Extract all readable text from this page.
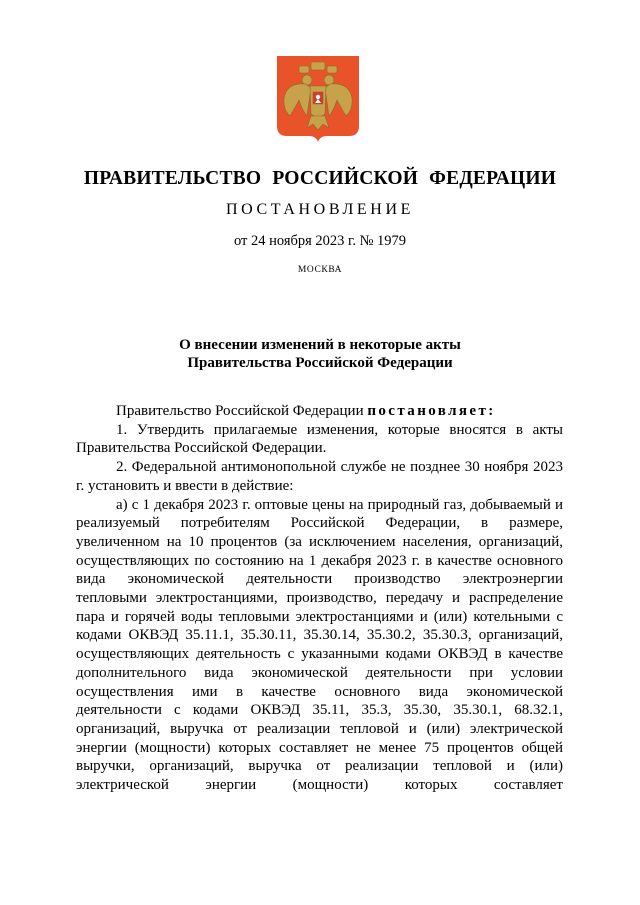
ПРАВИТЕЛЬСТВО РОССИЙСКОЙ ФЕДЕРАЦИИ
ПОСТАНОВЛЕНИЕ
от 24 ноября 2023 г. № 1979
МОСКВА
О внесении изменений в некоторые акты
Правительства Российской Федерации

Правительство Российской Федерации постановляет:

1. Утвердить прилагаемые изменения, которые вносятся в акты Правительства Российской Федерации.

2. Федеральной антимонопольной службе не позднее 30 ноября 2023 г. установить и ввести в действие:

а) с 1 декабря 2023 г. оптовые цены на природный газ, добываемый и реализуемый потребителям Российской Федерации, в размере, увеличенном на 10 процентов (за исключением населения, организаций, осуществляющих по состоянию на 1 декабря 2023 г. в качестве основного вида экономической деятельности производство электроэнергии тепловыми электростанциями, производство, передачу и распределение пара и горячей воды тепловыми электростанциями и (или) котельными с кодами ОКВЭД 35.11.1, 35.30.11, 35.30.14, 35.30.2, 35.30.3, организаций, осуществляющих деятельность с указанными кодами ОКВЭД в качестве дополнительного вида экономической деятельности при условии осуществления ими в качестве основного вида экономической деятельности с кодами ОКВЭД 35.11, 35.3, 35.30, 35.30.1, 68.32.1, организаций, выручка от реализации тепловой и (или) электрической энергии (мощности) которых составляет не менее 75 процентов общей выручки, организаций, выручка от реализации тепловой и (или) электрической энергии (мощности) которых составляет
